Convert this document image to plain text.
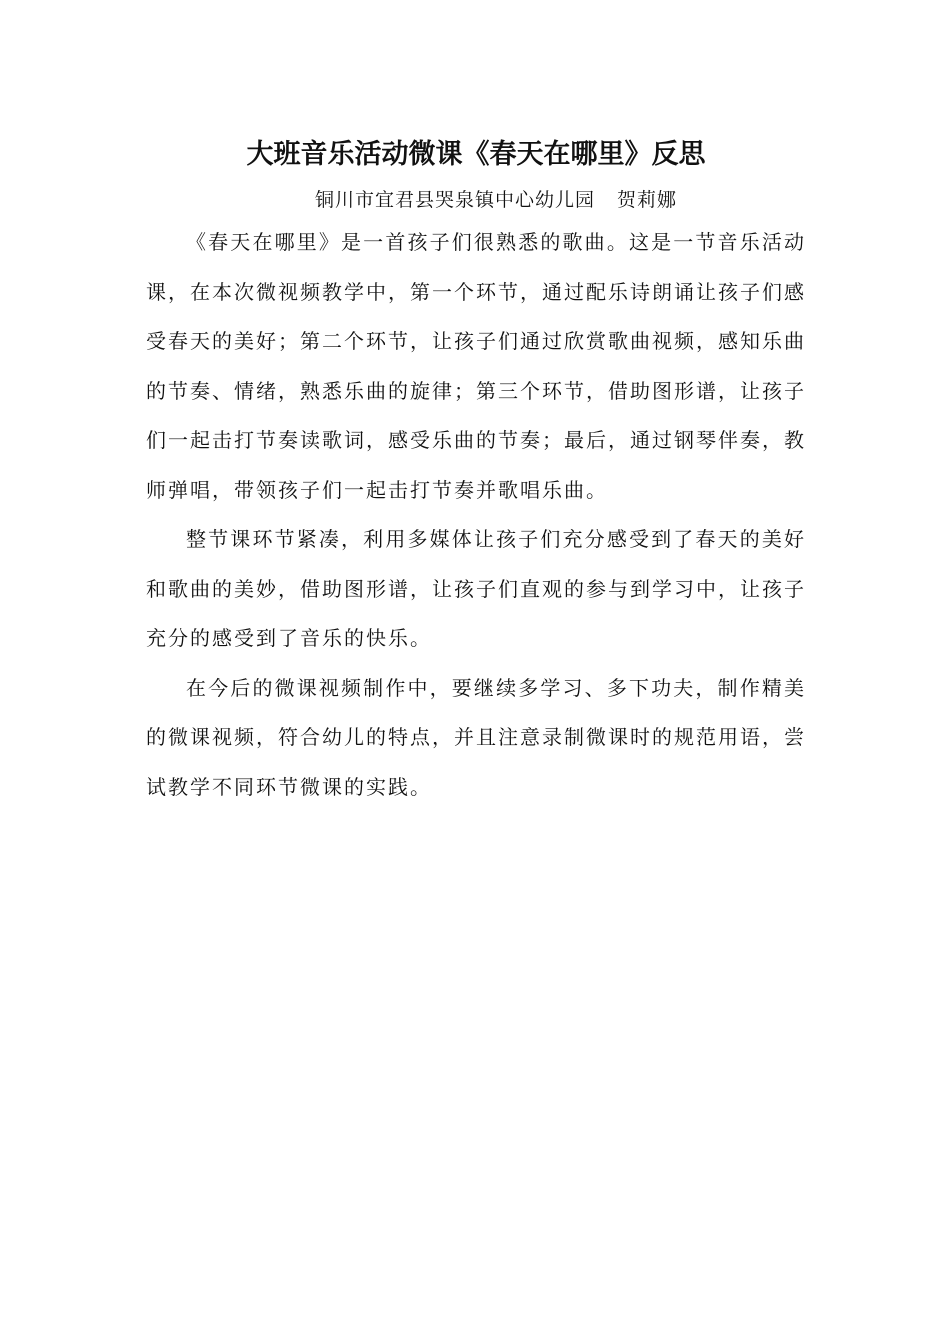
大班音乐活动微课《春天在哪里》反思
铜川市宜君县哭泉镇中心幼儿园 贺莉娜

《春天在哪里》是一首孩子们很熟悉的歌曲。这是一节音乐活动课，在本次微视频教学中，第一个环节，通过配乐诗朗诵让孩子们感受春天的美好；第二个环节，让孩子们通过欣赏歌曲视频，感知乐曲的节奏、情绪，熟悉乐曲的旋律；第三个环节，借助图形谱，让孩子们一起击打节奏读歌词，感受乐曲的节奏；最后，通过钢琴伴奏，教师弹唱，带领孩子们一起击打节奏并歌唱乐曲。

整节课环节紧凑，利用多媒体让孩子们充分感受到了春天的美好和歌曲的美妙，借助图形谱，让孩子们直观的参与到学习中，让孩子充分的感受到了音乐的快乐。

在今后的微课视频制作中，要继续多学习、多下功夫，制作精美的微课视频，符合幼儿的特点，并且注意录制微课时的规范用语，尝试教学不同环节微课的实践。
